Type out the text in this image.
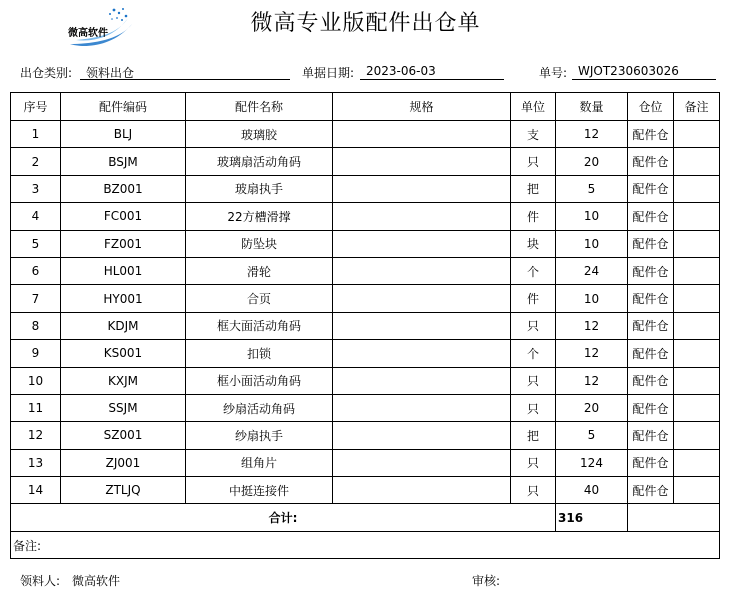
微高软件	微高专业版配件出仓单
出仓类别:	领料出仓	单据日期: 2023-06-03	单号: WJOT230603026
序号	配件编码	配件名称	规格	单位	数量	仓位	备注
1	BLJ	玻璃胶		支	12	配件仓	
2	BSJM	玻璃扇活动角码		只	20	配件仓	
3	BZ001	玻扇执手		把	5	配件仓	
4	FC001	22方槽滑撑		件	10	配件仓	
5	FZ001	防坠块		块	10	配件仓	
6	HL001	滑轮		个	24	配件仓	
7	HY001	合页		件	10	配件仓	
8	KDJM	框大面活动角码		只	12	配件仓	
9	KS001	扣锁		个	12	配件仓	
10	KXJM	框小面活动角码		只	12	配件仓	
11	SSJM	纱扇活动角码		只	20	配件仓	
12	SZ001	纱扇执手		把	5	配件仓	
13	ZJ001	组角片		只	124	配件仓	
14	ZTLJQ	中挺连接件		只	40	配件仓	
合计:					316		
备注:							
领料人: 微高软件	审核:
